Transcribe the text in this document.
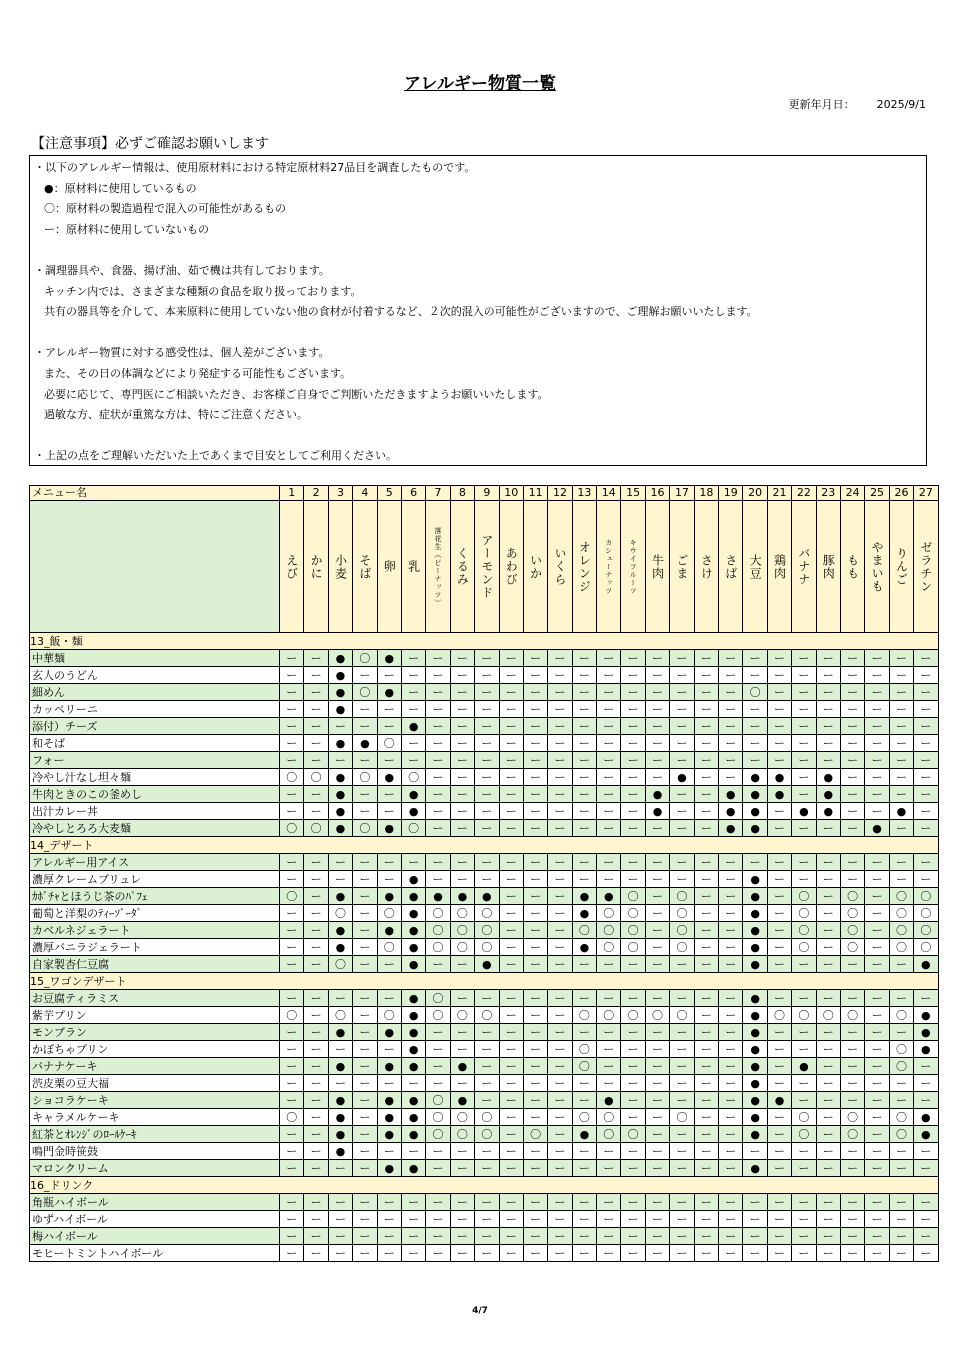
アレルギー物質一覧
更新年月日： 2025/9/1
【注意事項】必ずご確認お願いします
・以下のアレルギー情報は、使用原材料における特定原材料27品目を調査したものです。
●：原材料に使用しているもの
〇：原材料の製造過程で混入の可能性があるもの
ー：原材料に使用していないもの
・調理器具や、食器、揚げ油、茹で機は共有しております。
キッチン内では、さまざまな種類の食品を取り扱っております。
共有の器具等を介して、本来原料に使用していない他の食材が付着するなど、２次的混入の可能性がございますので、ご理解お願いいたします。
・アレルギー物質に対する感受性は、個人差がございます。
また、その日の体調などにより発症する可能性もございます。
必要に応じて、専門医にご相談いただき、お客様ご自身でご判断いただきますようお願いいたします。
過敏な方、症状が重篤な方は、特にご注意ください。
・上記の点をご理解いただいた上であくまで目安としてご利用ください。
メニュー名	1	2	3	4	5	6	7	8	9	10	11	12	13	14	15	16	17	18	19	20	21	22	23	24	25	26	27

	えび	かに	小麦	そば	卵	乳	落花生（ピーナッツ）	くるみ	アーモンド	あわび	いか	いくら	オレンジ	カシューナッツ	キウイフルーツ	牛肉	ごま	さけ	さば	大豆	鶏肉	バナナ	豚肉	もも	やまいも	りんご	ゼラチン

13_飯・麺																											
中華麺	ー	ー	●	〇	●	ー	ー	ー	ー	ー	ー	ー	ー	ー	ー	ー	ー	ー	ー	ー	ー	ー	ー	ー	ー	ー	ー
玄人のうどん	ー	ー	●	ー	ー	ー	ー	ー	ー	ー	ー	ー	ー	ー	ー	ー	ー	ー	ー	ー	ー	ー	ー	ー	ー	ー	ー
細めん	ー	ー	●	〇	●	ー	ー	ー	ー	ー	ー	ー	ー	ー	ー	ー	ー	ー	ー	〇	ー	ー	ー	ー	ー	ー	ー
カッペリーニ	ー	ー	●	ー	ー	ー	ー	ー	ー	ー	ー	ー	ー	ー	ー	ー	ー	ー	ー	ー	ー	ー	ー	ー	ー	ー	ー
添付）チーズ	ー	ー	ー	ー	ー	●	ー	ー	ー	ー	ー	ー	ー	ー	ー	ー	ー	ー	ー	ー	ー	ー	ー	ー	ー	ー	ー
和そば	ー	ー	●	●	〇	ー	ー	ー	ー	ー	ー	ー	ー	ー	ー	ー	ー	ー	ー	ー	ー	ー	ー	ー	ー	ー	ー
フォー	ー	ー	ー	ー	ー	ー	ー	ー	ー	ー	ー	ー	ー	ー	ー	ー	ー	ー	ー	ー	ー	ー	ー	ー	ー	ー	ー
冷やし汁なし坦々麺	〇	〇	●	〇	●	〇	ー	ー	ー	ー	ー	ー	ー	ー	ー	ー	●	ー	ー	●	●	ー	●	ー	ー	ー	ー
牛肉ときのこの釜めし	ー	ー	●	ー	ー	●	ー	ー	ー	ー	ー	ー	ー	ー	ー	●	ー	ー	●	●	●	ー	●	ー	ー	ー	ー
出汁カレー丼	ー	ー	●	ー	ー	●	ー	ー	ー	ー	ー	ー	ー	ー	ー	●	ー	ー	●	●	ー	●	●	ー	ー	●	ー
冷やしとろろ大麦麺	〇	〇	●	〇	●	〇	ー	ー	ー	ー	ー	ー	ー	ー	ー	ー	ー	ー	●	●	ー	ー	ー	ー	●	ー	ー
14_デザート																											
アレルギー用アイス	ー	ー	ー	ー	ー	ー	ー	ー	ー	ー	ー	ー	ー	ー	ー	ー	ー	ー	ー	ー	ー	ー	ー	ー	ー	ー	ー
濃厚クレームブリュレ	ー	ー	ー	ー	ー	●	ー	ー	ー	ー	ー	ー	ー	ー	ー	ー	ー	ー	ー	●	ー	ー	ー	ー	ー	ー	ー
ｶﾎﾞﾁｬとほうじ茶のﾊﾟﾌｪ	〇	ー	●	ー	●	●	●	●	●	ー	ー	ー	●	●	〇	ー	〇	ー	ー	●	ー	〇	ー	〇	ー	〇	〇
葡萄と洋梨のﾃｨｰｿﾞｰﾀﾞ	ー	ー	〇	ー	〇	●	〇	〇	〇	ー	ー	ー	●	〇	〇	ー	〇	ー	ー	●	ー	〇	ー	〇	ー	〇	〇
カベルネジェラート	ー	ー	●	ー	●	●	〇	〇	〇	ー	ー	ー	〇	〇	〇	ー	〇	ー	ー	●	ー	〇	ー	〇	ー	〇	〇
濃厚バニラジェラート	ー	ー	●	ー	〇	●	〇	〇	〇	ー	ー	ー	●	〇	〇	ー	〇	ー	ー	●	ー	〇	ー	〇	ー	〇	〇
自家製杏仁豆腐	ー	ー	〇	ー	ー	●	ー	ー	●	ー	ー	ー	ー	ー	ー	ー	ー	ー	ー	●	ー	ー	ー	ー	ー	ー	●
15_ワゴンデザート																											
お豆腐ティラミス	ー	ー	ー	ー	ー	●	〇	ー	ー	ー	ー	ー	ー	ー	ー	ー	ー	ー	ー	●	ー	ー	ー	ー	ー	ー	ー
紫芋プリン	〇	ー	〇	ー	〇	●	〇	〇	〇	ー	ー	ー	〇	〇	〇	〇	〇	ー	ー	●	〇	〇	〇	〇	ー	〇	●
モンブラン	ー	ー	●	ー	●	●	ー	ー	ー	ー	ー	ー	ー	ー	ー	ー	ー	ー	ー	●	ー	ー	ー	ー	ー	ー	●
かぼちゃプリン	ー	ー	ー	ー	ー	●	ー	ー	ー	ー	ー	ー	〇	ー	ー	ー	ー	ー	ー	●	ー	ー	ー	ー	ー	〇	●
バナナケーキ	ー	ー	●	ー	●	●	ー	●	ー	ー	ー	ー	〇	ー	ー	ー	ー	ー	ー	●	ー	●	ー	ー	ー	〇	ー
渋皮栗の豆大福	ー	ー	ー	ー	ー	ー	ー	ー	ー	ー	ー	ー	ー	ー	ー	ー	ー	ー	ー	●	ー	ー	ー	ー	ー	ー	ー
ショコラケーキ	ー	ー	●	ー	●	●	〇	●	ー	ー	ー	ー	ー	●	ー	ー	ー	ー	ー	●	●	ー	ー	ー	ー	ー	ー
キャラメルケーキ	〇	ー	●	ー	●	●	〇	〇	〇	ー	ー	ー	〇	〇	ー	ー	〇	ー	ー	●	ー	〇	ー	〇	ー	〇	●
紅茶とｵﾚﾝｼﾞのﾛｰﾙｹｰｷ	ー	ー	●	ー	●	●	〇	〇	〇	ー	〇	ー	●	〇	〇	ー	ー	ー	ー	●	ー	〇	ー	〇	ー	〇	●
鳴門金時笹鼓	ー	ー	●	ー	ー	ー	ー	ー	ー	ー	ー	ー	ー	ー	ー	ー	ー	ー	ー	ー	ー	ー	ー	ー	ー	ー	ー
マロンクリーム	ー	ー	ー	ー	●	●	ー	ー	ー	ー	ー	ー	ー	ー	ー	ー	ー	ー	ー	●	ー	ー	ー	ー	ー	ー	ー
16_ドリンク																											
角瓶ハイボール	ー	ー	ー	ー	ー	ー	ー	ー	ー	ー	ー	ー	ー	ー	ー	ー	ー	ー	ー	ー	ー	ー	ー	ー	ー	ー	ー
ゆずハイボール	ー	ー	ー	ー	ー	ー	ー	ー	ー	ー	ー	ー	ー	ー	ー	ー	ー	ー	ー	ー	ー	ー	ー	ー	ー	ー	ー
梅ハイボール	ー	ー	ー	ー	ー	ー	ー	ー	ー	ー	ー	ー	ー	ー	ー	ー	ー	ー	ー	ー	ー	ー	ー	ー	ー	ー	ー
モヒートミントハイボール	ー	ー	ー	ー	ー	ー	ー	ー	ー	ー	ー	ー	ー	ー	ー	ー	ー	ー	ー	ー	ー	ー	ー	ー	ー	ー	ー
4/7
